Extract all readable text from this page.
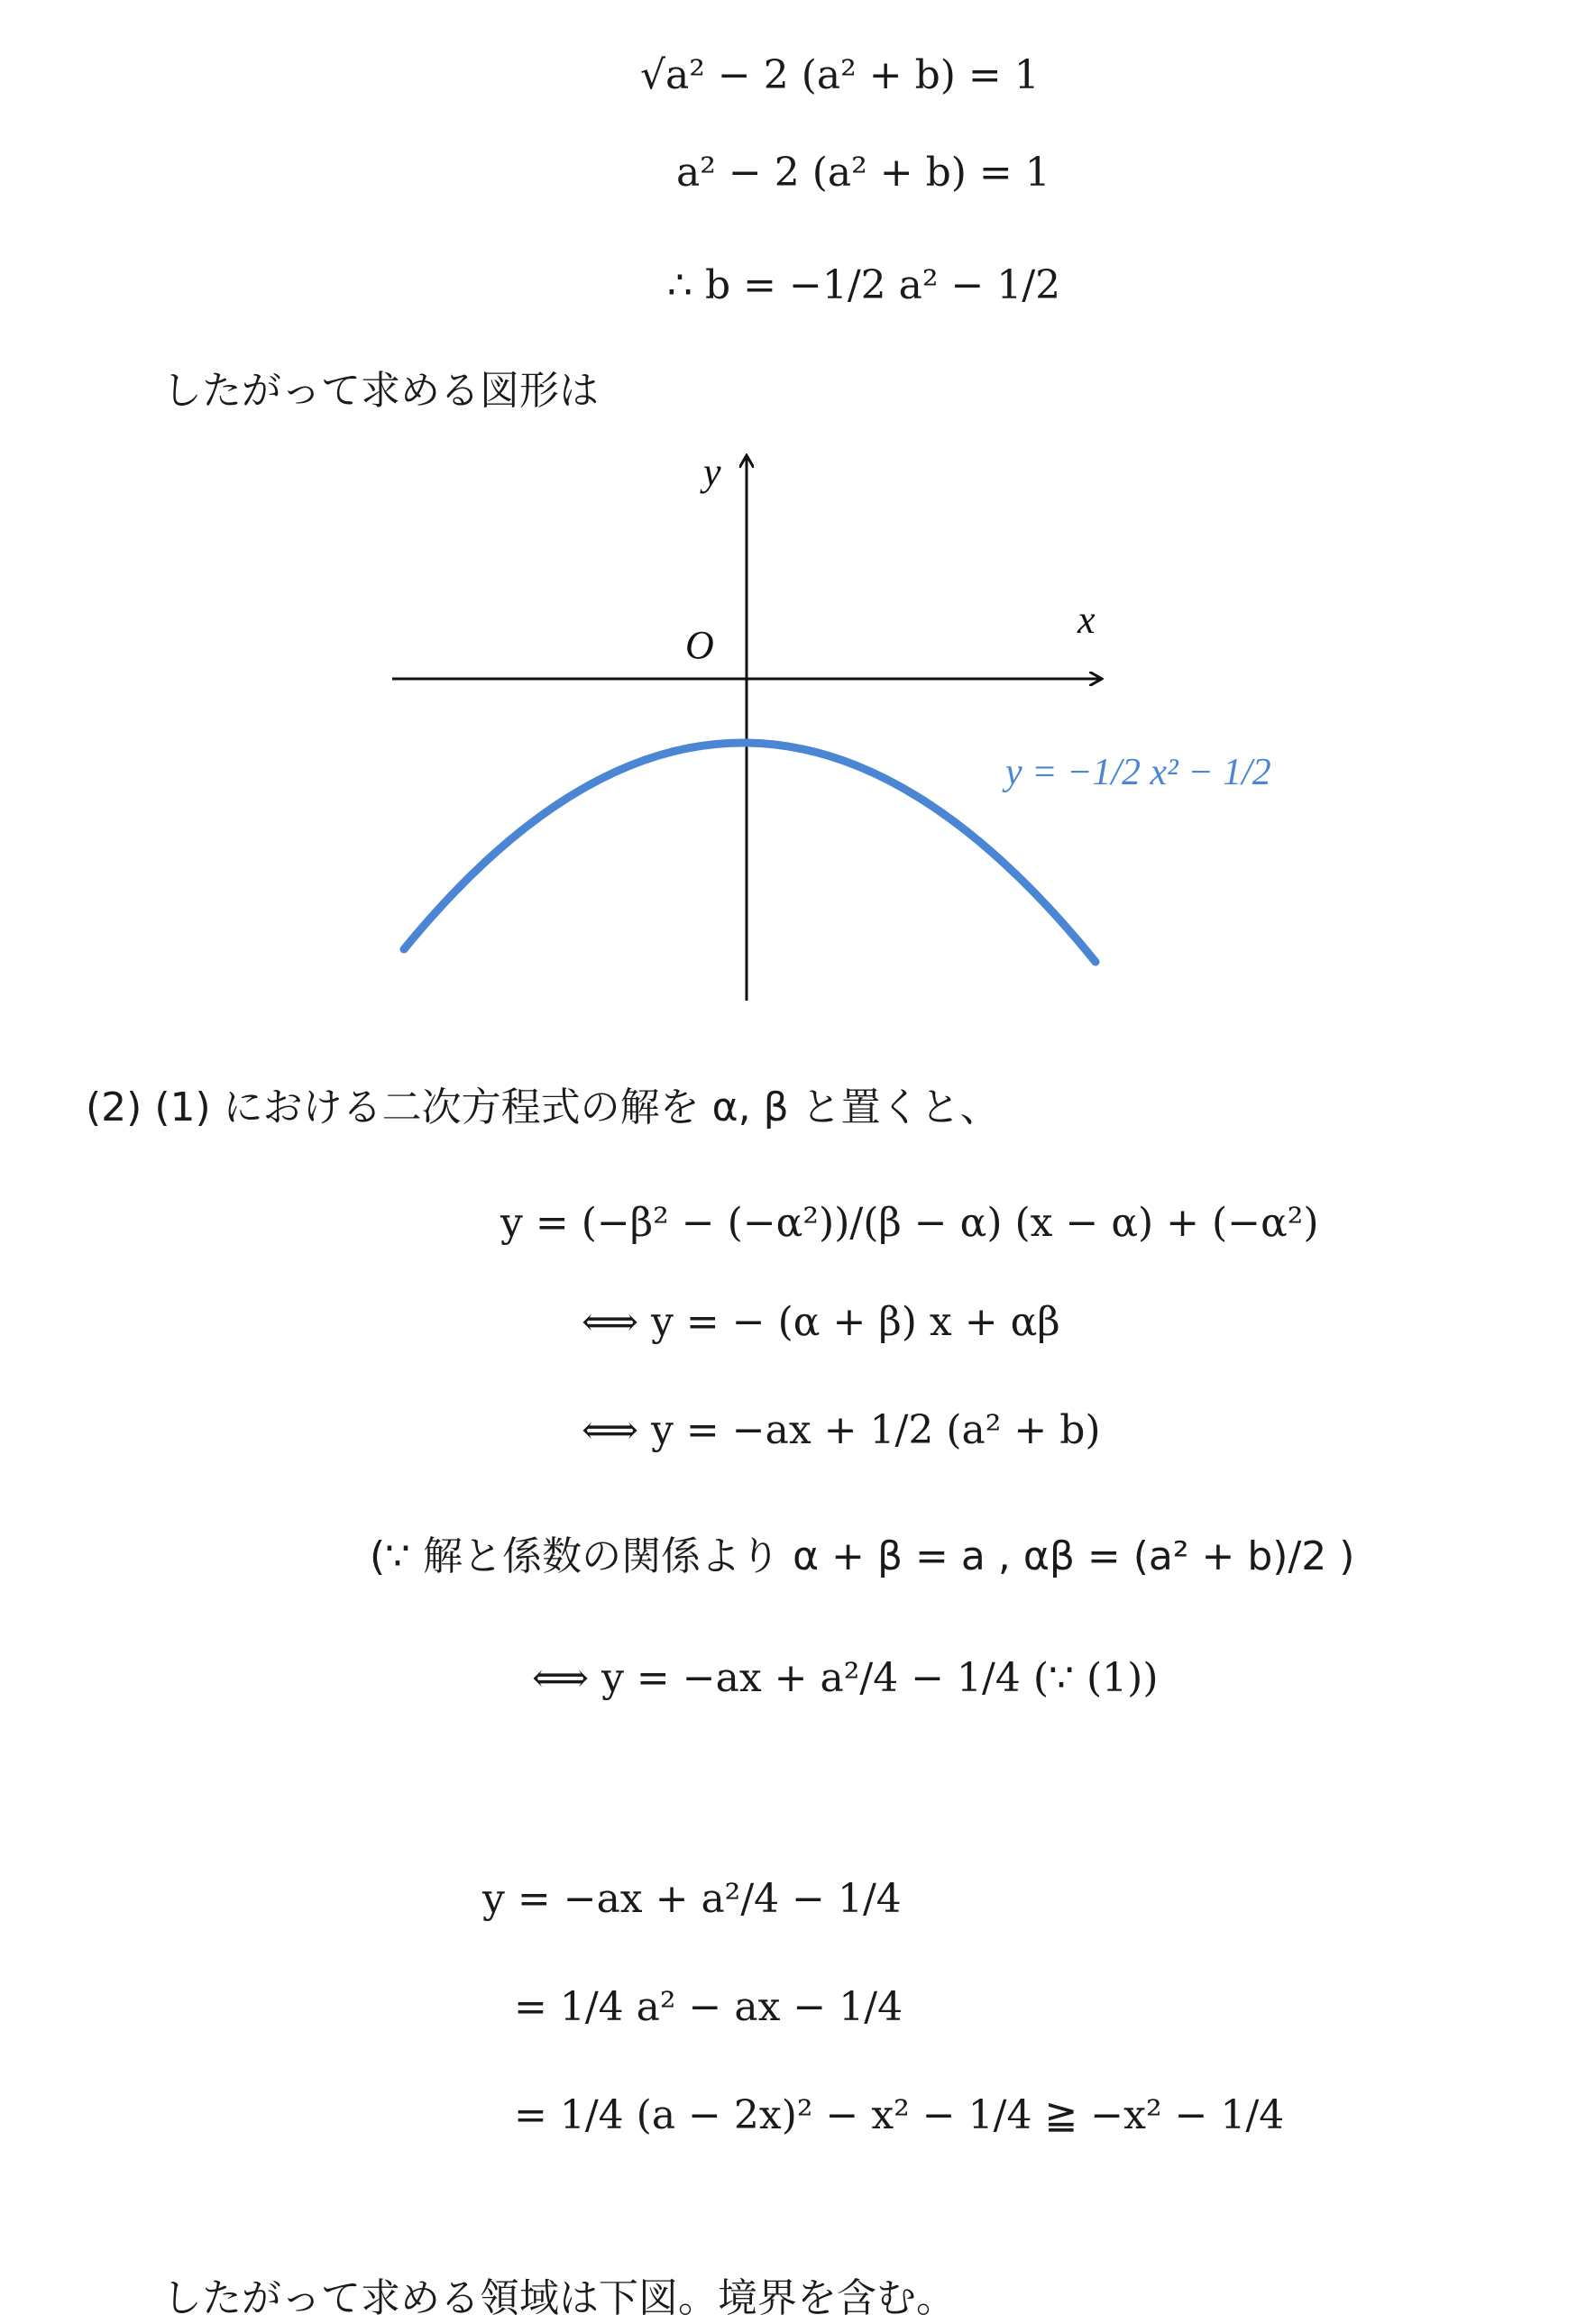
√a² − 2 (a² + b) = 1
a² − 2 (a² + b) = 1
∴ b = −1/2 a² − 1/2
したがって求める図形は
y
x
O
y = −1/2 x² − 1/2
(2) (1) における二次方程式の解を α, β と置くと、
y = (−β² − (−α²))/(β − α) (x − α) + (−α²)
⟺ y = − (α + β) x + αβ
⟺ y = −ax + 1/2 (a² + b)
(∵ 解と係数の関係より α + β = a , αβ = (a² + b)/2 )
⟺ y = −ax + a²/4 − 1/4 (∵ (1))
y = −ax + a²/4 − 1/4
= 1/4 a² − ax − 1/4
= 1/4 (a − 2x)² − x² − 1/4 ≧ −x² − 1/4
したがって求める領域は下図。境界を含む。
